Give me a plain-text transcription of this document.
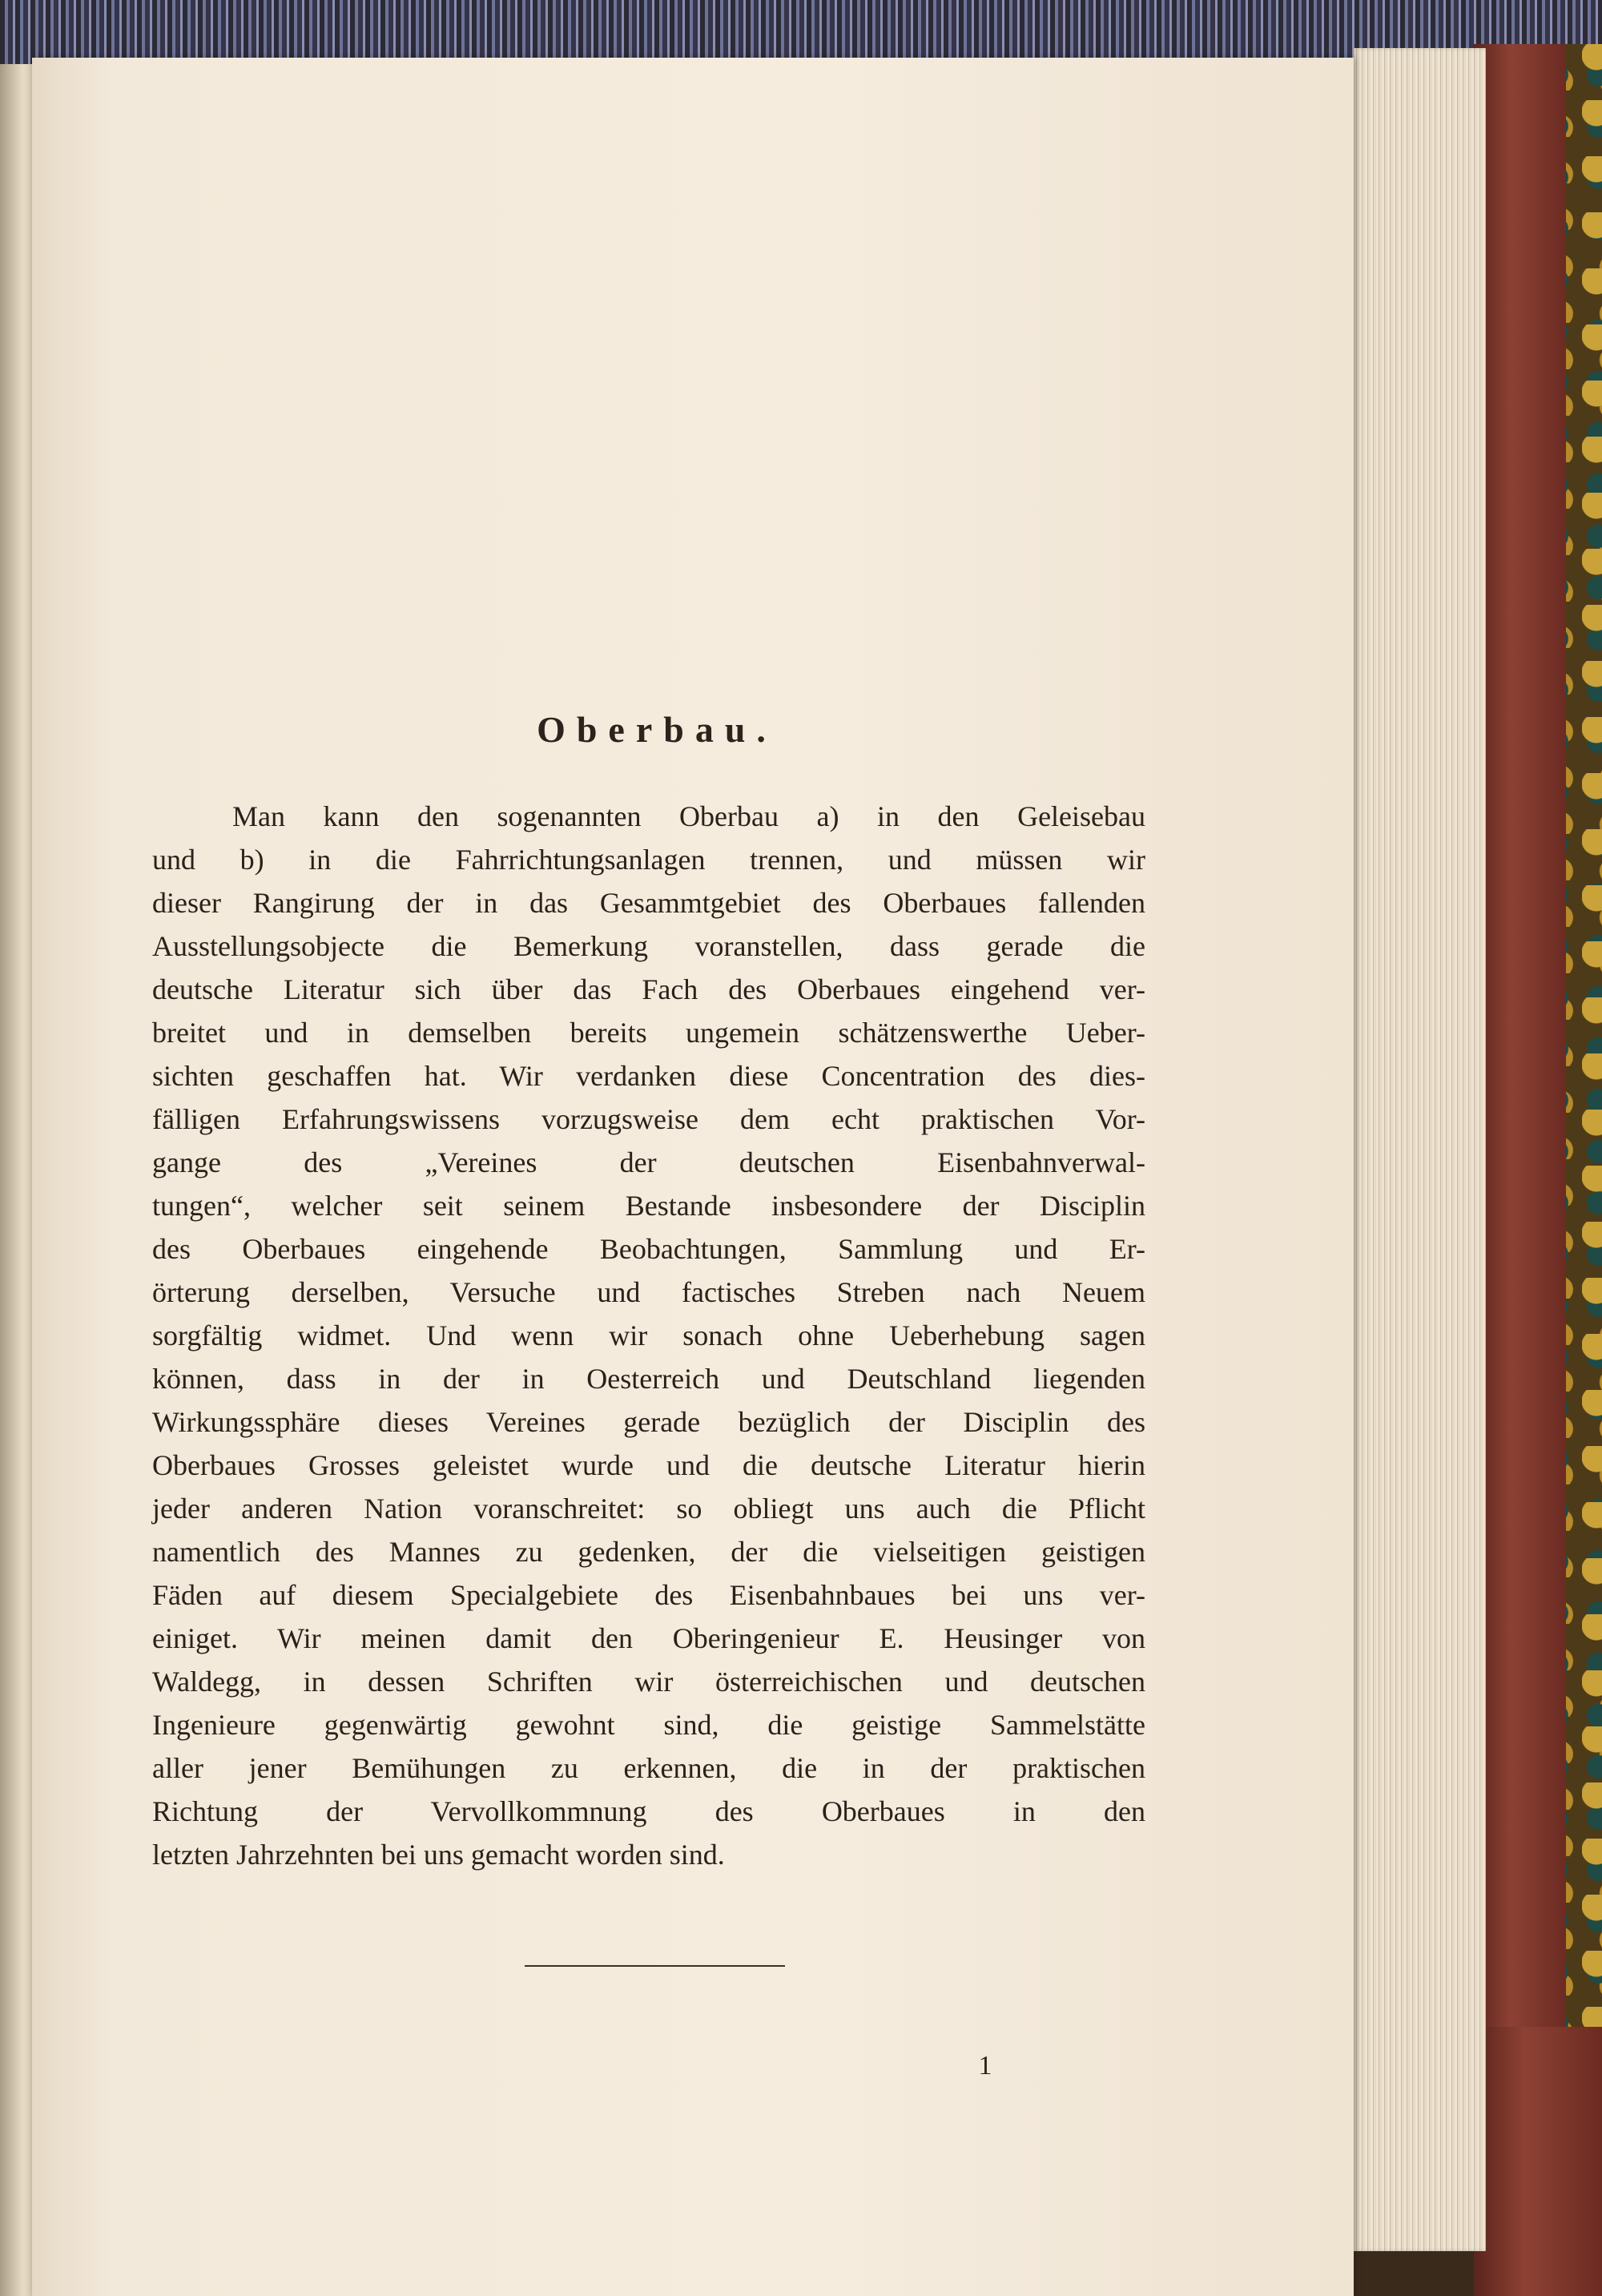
Oberbau.
Man kann den sogenannten Oberbau a) in den Geleisebau
und b) in die Fahrrichtungsanlagen trennen, und müssen wir
dieser Rangirung der in das Gesammtgebiet des Oberbaues fallenden
Ausstellungsobjecte die Bemerkung voranstellen, dass gerade die
deutsche Literatur sich über das Fach des Oberbaues eingehend ver-
breitet und in demselben bereits ungemein schätzenswerthe Ueber-
sichten geschaffen hat. Wir verdanken diese Concentration des dies-
fälligen Erfahrungswissens vorzugsweise dem echt praktischen Vor-
gange des „Vereines der deutschen Eisenbahnverwal-
tungen“, welcher seit seinem Bestande insbesondere der Disciplin
des Oberbaues eingehende Beobachtungen, Sammlung und Er-
örterung derselben, Versuche und factisches Streben nach Neuem
sorgfältig widmet. Und wenn wir sonach ohne Ueberhebung sagen
können, dass in der in Oesterreich und Deutschland liegenden
Wirkungssphäre dieses Vereines gerade bezüglich der Disciplin des
Oberbaues Grosses geleistet wurde und die deutsche Literatur hierin
jeder anderen Nation voranschreitet: so obliegt uns auch die Pflicht
namentlich des Mannes zu gedenken, der die vielseitigen geistigen
Fäden auf diesem Specialgebiete des Eisenbahnbaues bei uns ver-
einiget. Wir meinen damit den Oberingenieur E. Heusinger von
Waldegg, in dessen Schriften wir österreichischen und deutschen
Ingenieure gegenwärtig gewohnt sind, die geistige Sammelstätte
aller jener Bemühungen zu erkennen, die in der praktischen
Richtung der Vervollkommnung des Oberbaues in den
letzten Jahrzehnten bei uns gemacht worden sind.
1
